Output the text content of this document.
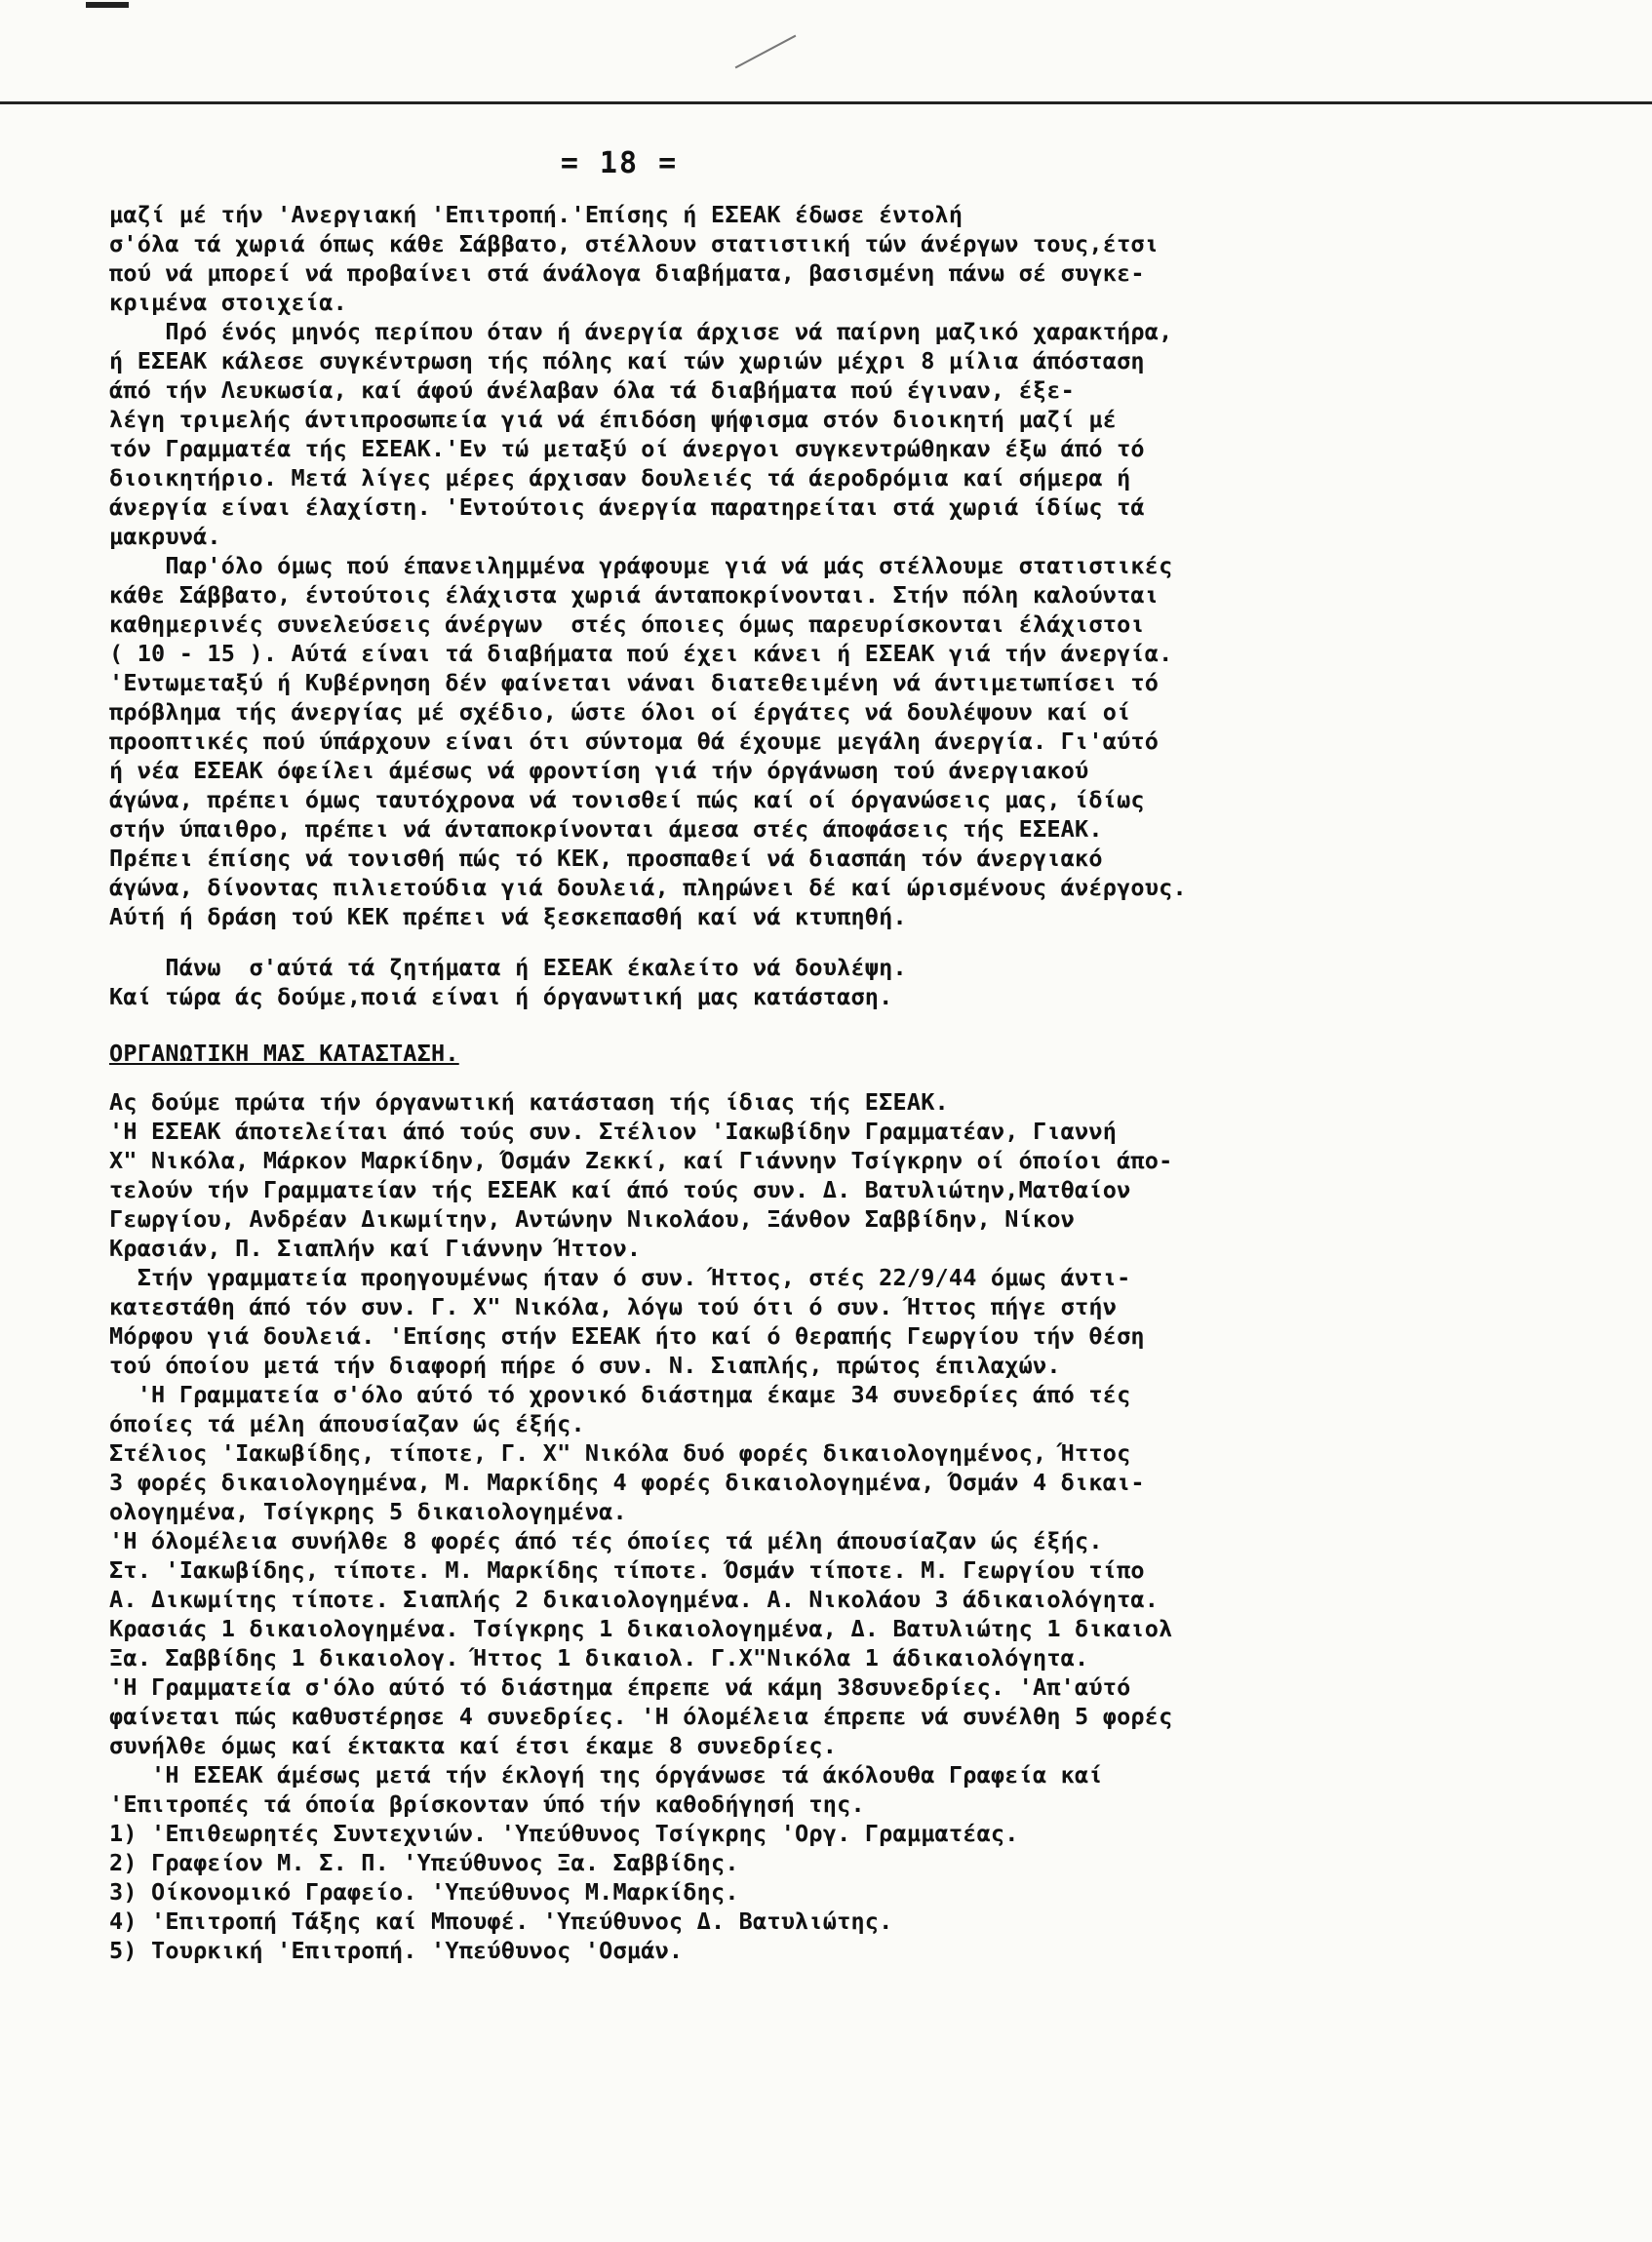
= 18 =
μαζί μέ τήν 'Ανεργιακή 'Επιτροπή.'Επίσης ή ΕΣΕΑΚ έδωσε έντολή
σ'όλα τά χωριά όπως κάθε Σάββατο, στέλλουν στατιστική τών άνέργων τους,έτσι
πού νά μπορεί νά προβαίνει στά άνάλογα διαβήματα, βασισμένη πάνω σέ συγκε-
κριμένα στοιχεία.
Πρό ένός μηνός περίπου όταν ή άνεργία άρχισε νά παίρνη μαζικό χαρακτήρα,
ή ΕΣΕΑΚ κάλεσε συγκέντρωση τής πόλης καί τών χωριών μέχρι 8 μίλια άπόσταση
άπό τήν Λευκωσία, καί άφού άνέλαβαν όλα τά διαβήματα πού έγιναν, έξε-
λέγη τριμελής άντιπροσωπεία γιά νά έπιδόση ψήφισμα στόν διοικητή μαζί μέ
τόν Γραμματέα τής ΕΣΕΑΚ.'Εν τώ μεταξύ οί άνεργοι συγκεντρώθηκαν έξω άπό τό
διοικητήριο. Μετά λίγες μέρες άρχισαν δουλειές τά άεροδρόμια καί σήμερα ή
άνεργία είναι έλαχίστη. 'Εντούτοις άνεργία παρατηρείται στά χωριά ίδίως τά
μακρυνά.
Παρ'όλο όμως πού έπανειλημμένα γράφουμε γιά νά μάς στέλλουμε στατιστικές
κάθε Σάββατο, έντούτοις έλάχιστα χωριά άνταποκρίνονται. Στήν πόλη καλούνται
καθημερινές συνελεύσεις άνέργων  στές όποιες όμως παρευρίσκονται έλάχιστοι
( 10 - 15 ). Αύτά είναι τά διαβήματα πού έχει κάνει ή ΕΣΕΑΚ γιά τήν άνεργία.
'Εντωμεταξύ ή Κυβέρνηση δέν φαίνεται νάναι διατεθειμένη νά άντιμετωπίσει τό
πρόβλημα τής άνεργίας μέ σχέδιο, ώστε όλοι οί έργάτες νά δουλέψουν καί οί
προοπτικές πού ύπάρχουν είναι ότι σύντομα θά έχουμε μεγάλη άνεργία. Γι'αύτό
ή νέα ΕΣΕΑΚ όφείλει άμέσως νά φροντίση γιά τήν όργάνωση τού άνεργιακού
άγώνα, πρέπει όμως ταυτόχρονα νά τονισθεί πώς καί οί όργανώσεις μας, ίδίως
στήν ύπαιθρο, πρέπει νά άνταποκρίνονται άμεσα στές άποφάσεις τής ΕΣΕΑΚ.
Πρέπει έπίσης νά τονισθή πώς τό ΚΕΚ, προσπαθεί νά διασπάη τόν άνεργιακό
άγώνα, δίνοντας πιλιετούδια γιά δουλειά, πληρώνει δέ καί ώρισμένους άνέργους.
Αύτή ή δράση τού ΚΕΚ πρέπει νά ξεσκεπασθή καί νά κτυπηθή.
Πάνω  σ'αύτά τά ζητήματα ή ΕΣΕΑΚ έκαλείτο νά δουλέψη.
Καί τώρα άς δούμε,ποιά είναι ή όργανωτική μας κατάσταση.
ΟΡΓΑΝΩΤΙΚΗ ΜΑΣ ΚΑΤΑΣΤΑΣΗ.
Ας δούμε πρώτα τήν όργανωτική κατάσταση τής ίδιας τής ΕΣΕΑΚ.
'Η ΕΣΕΑΚ άποτελείται άπό τούς συν. Στέλιον 'Ιακωβίδην Γραμματέαν, Γιαννή
Χ" Νικόλα, Μάρκον Μαρκίδην, Όσμάν Ζεκκί, καί Γιάννην Τσίγκρην οί όποίοι άπο-
τελούν τήν Γραμματείαν τής ΕΣΕΑΚ καί άπό τούς συν. Δ. Βατυλιώτην,Ματθαίον
Γεωργίου, Ανδρέαν Δικωμίτην, Αντώνην Νικολάου, Ξάνθον Σαββίδην, Νίκον
Κρασιάν, Π. Σιαπλήν καί Γιάννην Ήττον.
Στήν γραμματεία προηγουμένως ήταν ό συν. Ήττος, στές 22/9/44 όμως άντι-
κατεστάθη άπό τόν συν. Γ. Χ" Νικόλα, λόγω τού ότι ό συν. Ήττος πήγε στήν
Μόρφου γιά δουλειά. 'Επίσης στήν ΕΣΕΑΚ ήτο καί ό θεραπής Γεωργίου τήν θέση
τού όποίου μετά τήν διαφορή πήρε ό συν. Ν. Σιαπλής, πρώτος έπιλαχών.
'Η Γραμματεία σ'όλο αύτό τό χρονικό διάστημα έκαμε 34 συνεδρίες άπό τές
όποίες τά μέλη άπουσίαζαν ώς έξής.
Στέλιος 'Ιακωβίδης, τίποτε, Γ. Χ" Νικόλα δυό φορές δικαιολογημένος, Ήττος
3 φορές δικαιολογημένα, Μ. Μαρκίδης 4 φορές δικαιολογημένα, Όσμάν 4 δικαι-
ολογημένα, Τσίγκρης 5 δικαιολογημένα.
'Η όλομέλεια συνήλθε 8 φορές άπό τές όποίες τά μέλη άπουσίαζαν ώς έξής.
Στ. 'Ιακωβίδης, τίποτε. Μ. Μαρκίδης τίποτε. Όσμάν τίποτε. Μ. Γεωργίου τίπο
Α. Δικωμίτης τίποτε. Σιαπλής 2 δικαιολογημένα. Α. Νικολάου 3 άδικαιολόγητα.
Κρασιάς 1 δικαιολογημένα. Τσίγκρης 1 δικαιολογημένα, Δ. Βατυλιώτης 1 δικαιολ
Ξα. Σαββίδης 1 δικαιολογ. Ήττος 1 δικαιολ. Γ.Χ"Νικόλα 1 άδικαιολόγητα.
'Η Γραμματεία σ'όλο αύτό τό διάστημα έπρεπε νά κάμη 38συνεδρίες. 'Απ'αύτό
φαίνεται πώς καθυστέρησε 4 συνεδρίες. 'Η όλομέλεια έπρεπε νά συνέλθη 5 φορές
συνήλθε όμως καί έκτακτα καί έτσι έκαμε 8 συνεδρίες.
'Η ΕΣΕΑΚ άμέσως μετά τήν έκλογή της όργάνωσε τά άκόλουθα Γραφεία καί
'Επιτροπές τά όποία βρίσκονταν ύπό τήν καθοδήγησή της.
1) 'Επιθεωρητές Συντεχνιών. 'Υπεύθυνος Τσίγκρης 'Οργ. Γραμματέας.
2) Γραφείον Μ. Σ. Π. 'Υπεύθυνος Ξα. Σαββίδης.
3) Οίκονομικό Γραφείο. 'Υπεύθυνος Μ.Μαρκίδης.
4) 'Επιτροπή Τάξης καί Μπουφέ. 'Υπεύθυνος Δ. Βατυλιώτης.
5) Τουρκική 'Επιτροπή. 'Υπεύθυνος 'Οσμάν.
